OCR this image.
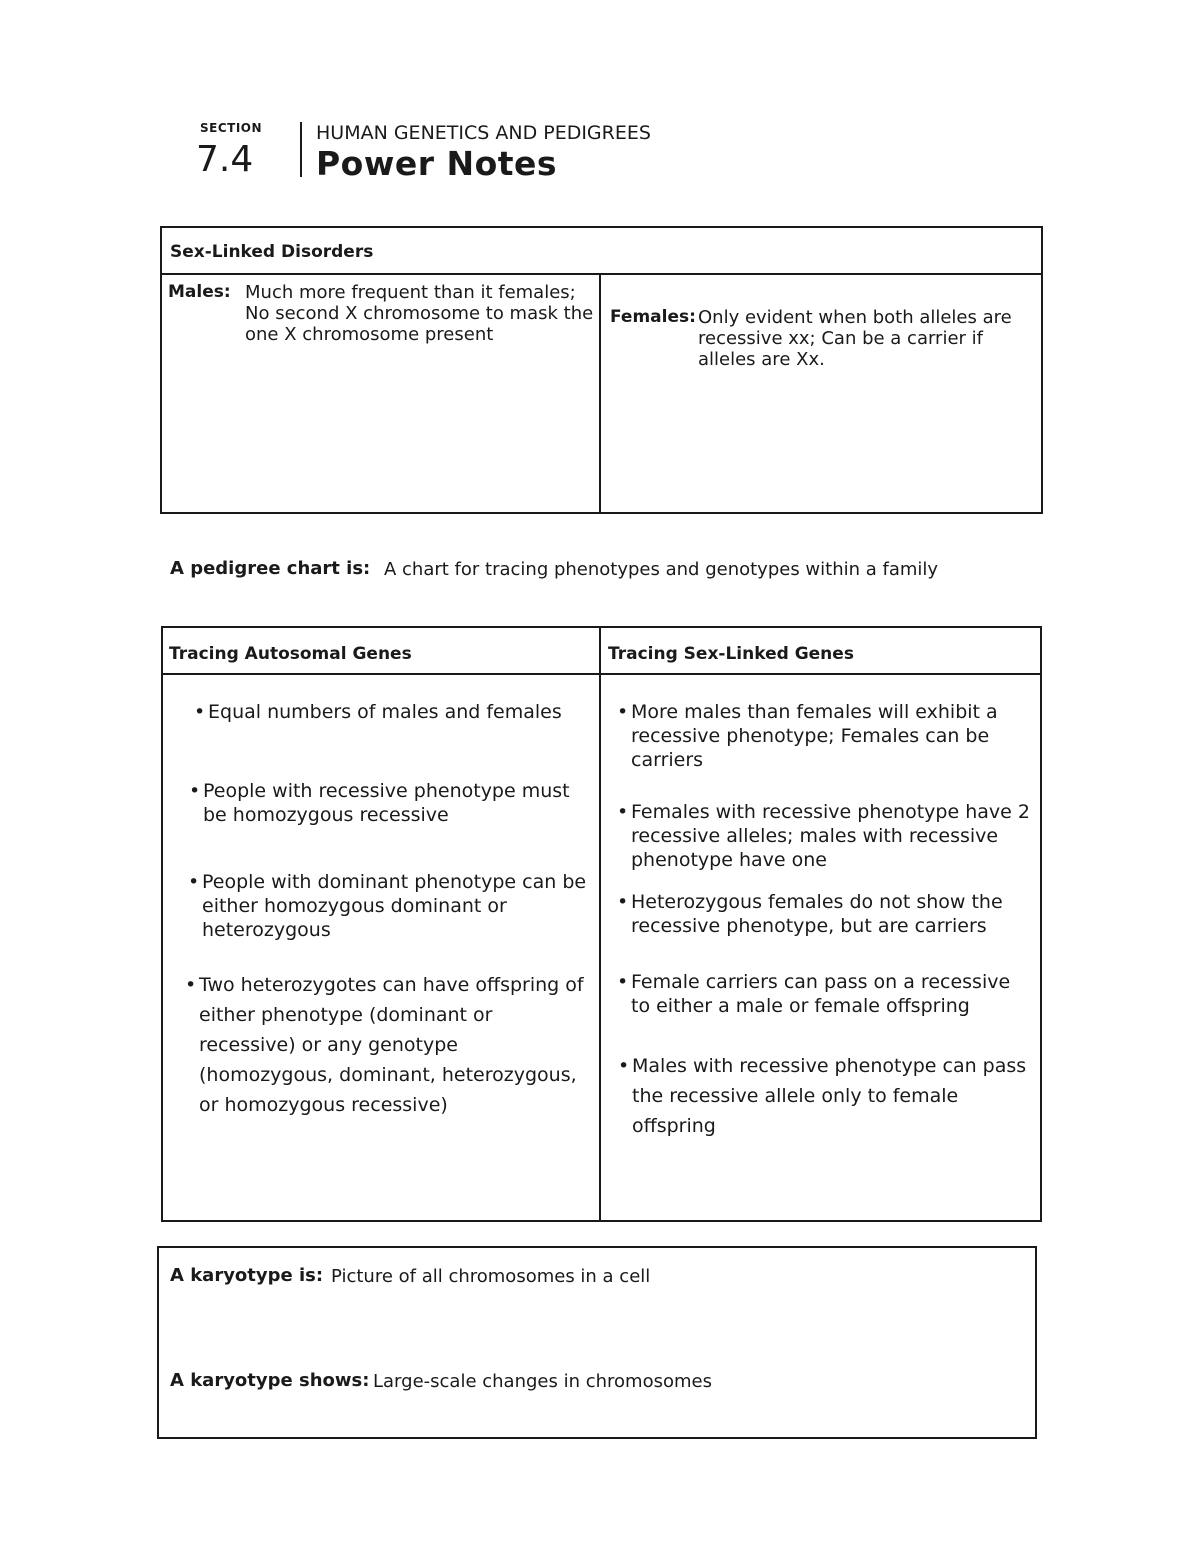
SECTION
7.4
HUMAN GENETICS AND PEDIGREES
Power Notes
Sex-Linked Disorders
Males: Much more frequent than it females; No second X chromosome to mask the one X chromosome present
Females: Only evident when both alleles are recessive xx; Can be a carrier if alleles are Xx.
A pedigree chart is: A chart for tracing phenotypes and genotypes within a family
Tracing Autosomal Genes	Tracing Sex-Linked Genes
• Equal numbers of males and females
• People with recessive phenotype must be homozygous recessive
• People with dominant phenotype can be either homozygous dominant or heterozygous
• Two heterozygotes can have offspring of either phenotype (dominant or recessive) or any genotype (homozygous, dominant, heterozygous, or homozygous recessive)
• More males than females will exhibit a recessive phenotype; Females can be carriers
• Females with recessive phenotype have 2 recessive alleles; males with recessive phenotype have one
• Heterozygous females do not show the recessive phenotype, but are carriers
• Female carriers can pass on a recessive to either a male or female offspring
• Males with recessive phenotype can pass the recessive allele only to female offspring
A karyotype is: Picture of all chromosomes in a cell
A karyotype shows: Large-scale changes in chromosomes
